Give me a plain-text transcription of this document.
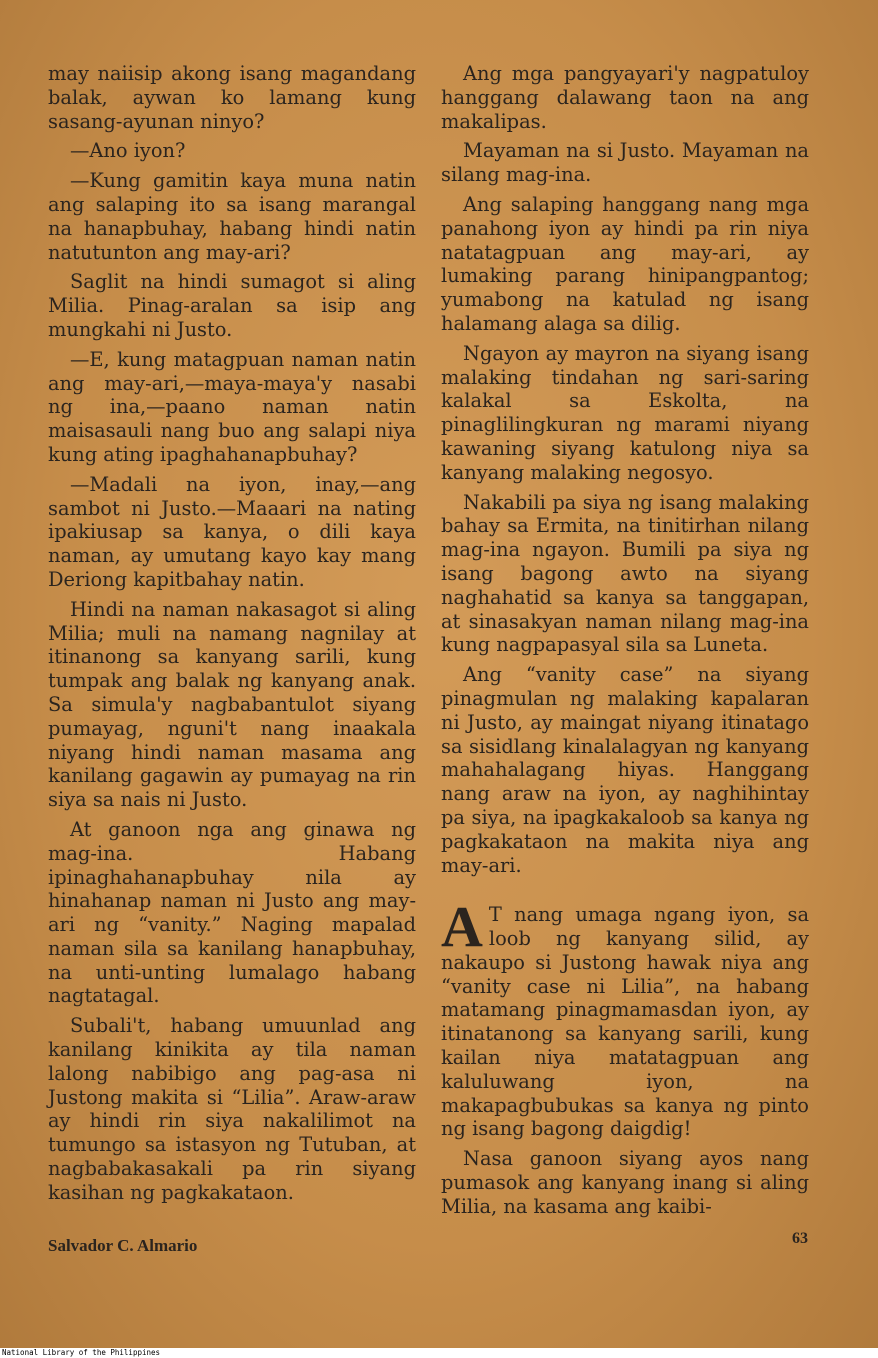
may naiisip akong isang magandang balak, aywan ko lamang kung sasang-ayunan ninyo?

—Ano iyon?

—Kung gamitin kaya muna natin ang salaping ito sa isang marangal na hanapbuhay, habang hindi natin natutunton ang may-ari?

Saglit na hindi sumagot si aling Milia. Pinag-aralan sa isip ang mungkahi ni Justo.

—E, kung matagpuan naman natin ang may-ari,—maya-maya'y nasabi ng ina,—paano naman natin maisasauli nang buo ang salapi niya kung ating ipaghahanapbuhay?

—Madali na iyon, inay,—ang sambot ni Justo.—Maaari na nating ipakiusap sa kanya, o dili kaya naman, ay umutang kayo kay mang Deriong kapitbahay natin.

Hindi na naman nakasagot si aling Milia; muli na namang nagnilay at itinanong sa kanyang sarili, kung tumpak ang balak ng kanyang anak. Sa simula'y nagbabantulot siyang pumayag, nguni't nang inaakala niyang hindi naman masama ang kanilang gagawin ay pumayag na rin siya sa nais ni Justo.

At ganoon nga ang ginawa ng mag-ina. Habang ipinaghahanapbuhay nila ay hinahanap naman ni Justo ang may-ari ng “vanity.” Naging mapalad naman sila sa kanilang hanapbuhay, na unti-unting lumalago habang nagtatagal.

Subali't, habang umuunlad ang kanilang kinikita ay tila naman lalong nabibigo ang pag-asa ni Justong makita si “Lilia”. Araw-araw ay hindi rin siya nakalilimot na tumungo sa istasyon ng Tutuban, at nagbabakasakali pa rin siyang kasihan ng pagkakataon.

Ang mga pangyayari'y nagpatuloy hanggang dalawang taon na ang makalipas.

Mayaman na si Justo. Mayaman na silang mag-ina.

Ang salaping hanggang nang mga panahong iyon ay hindi pa rin niya natatagpuan ang may-ari, ay lumaking parang hinipangpantog; yumabong na katulad ng isang halamang alaga sa dilig.

Ngayon ay mayron na siyang isang malaking tindahan ng sari-saring kalakal sa Eskolta, na pinaglilingkuran ng marami niyang kawaning siyang katulong niya sa kanyang malaking negosyo.

Nakabili pa siya ng isang malaking bahay sa Ermita, na tinitirhan nilang mag-ina ngayon. Bumili pa siya ng isang bagong awto na siyang naghahatid sa kanya sa tanggapan, at sinasakyan naman nilang mag-ina kung nagpapasyal sila sa Luneta.

Ang “vanity case” na siyang pinagmulan ng malaking kapalaran ni Justo, ay maingat niyang itinatago sa sisidlang kinalalagyan ng kanyang mahahalagang hiyas. Hanggang nang araw na iyon, ay naghihintay pa siya, na ipagkakaloob sa kanya ng pagkakataon na makita niya ang may-ari.

A T nang umaga ngang iyon, sa loob ng kanyang silid, ay nakaupo si Justong hawak niya ang “vanity case ni Lilia”, na habang matamang pinagmamasdan iyon, ay itinatanong sa kanyang sarili, kung kailan niya matatagpuan ang kaluluwang iyon, na makapagbubukas sa kanya ng pinto ng isang bagong daigdig!

Nasa ganoon siyang ayos nang pumasok ang kanyang inang si aling Milia, na kasama ang kaibi-

Salvador C. Almario	63
National Library of the Philippines
